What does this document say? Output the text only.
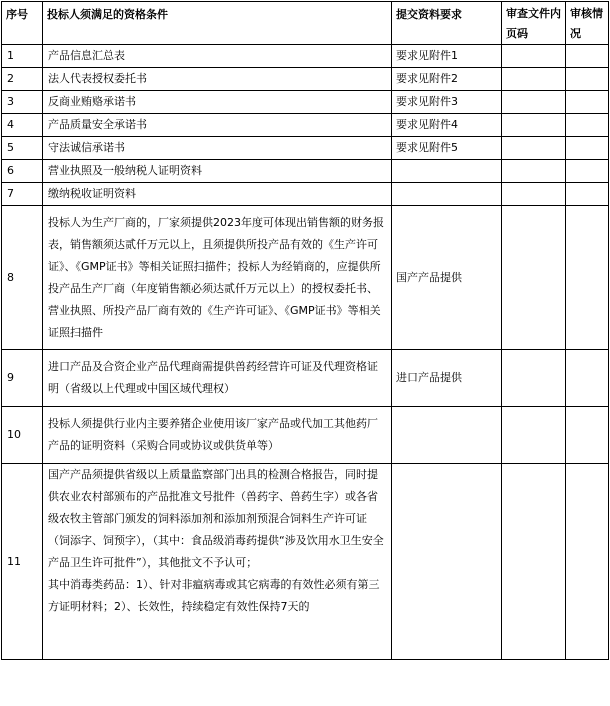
序号	投标人须满足的资格条件	提交资料要求	审查文件内页码	审核情况
1	产品信息汇总表	要求见附件1		
2	法人代表授权委托书	要求见附件2		
3	反商业贿赂承诺书	要求见附件3		
4	产品质量安全承诺书	要求见附件4		
5	守法诚信承诺书	要求见附件5		
6	营业执照及一般纳税人证明资料			

7	缴纳税收证明资料			

8	投标人为生产厂商的，厂家须提供2023年度可体现出销售额的财务报表，销售额须达贰仟万元以上，且须提供所投产品有效的《生产许可证》、《GMP证书》等相关证照扫描件；投标人为经销商的，应提供所投产品生产厂商（年度销售额必须达贰仟万元以上）的授权委托书、营业执照、所投产品厂商有效的《生产许可证》、《GMP证书》等相关证照扫描件	国产产品提供		
9	进口产品及合资企业产品代理商需提供兽药经营许可证及代理资格证明（省级以上代理或中国区域代理权）	进口产品提供		
10	投标人须提供行业内主要养猪企业使用该厂家产品或代加工其他药厂产品的证明资料（采购合同或协议或供货单等）			

11	国产产品须提供省级以上质量监察部门出具的检测合格报告，同时提供农业农村部颁布的产品批准文号批件（兽药字、兽药生字）或各省级农牧主管部门颁发的饲料添加剂和添加剂预混合饲料生产许可证（饲添字、饲预字），（其中：食品级消毒药提供“涉及饮用水卫生安全产品卫生许可批件”），其他批文不予认可；

其中消毒类药品：1）、针对非瘟病毒或其它病毒的有效性必须有第三方证明材料；2）、长效性，持续稳定有效性保持7天的			
